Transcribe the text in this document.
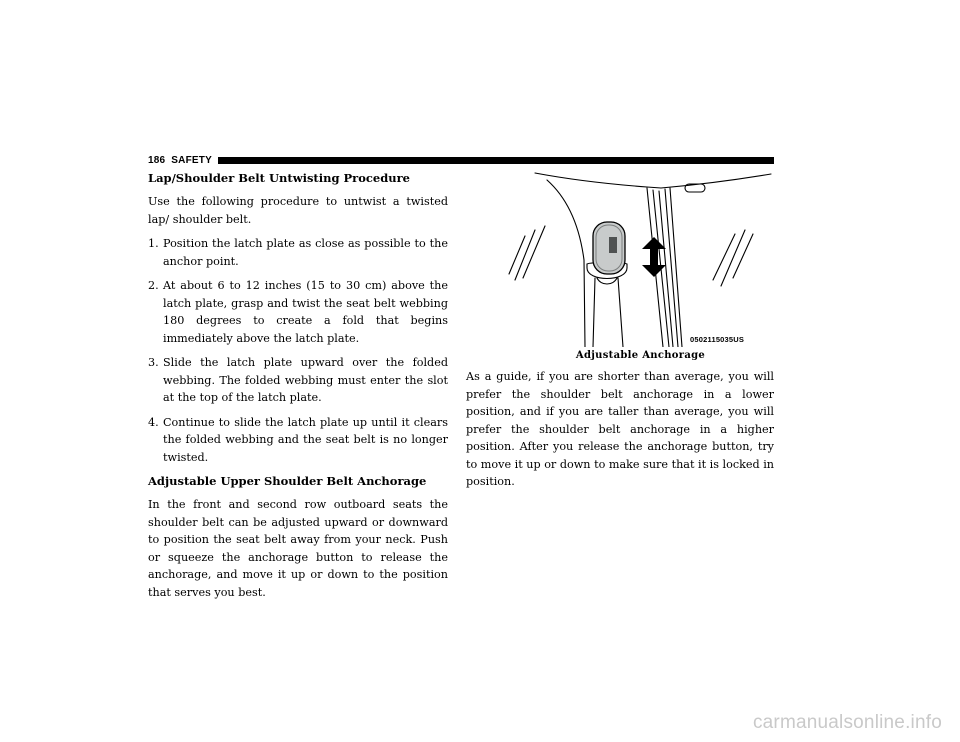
186 SAFETY
Lap/Shoulder Belt Untwisting Procedure

Use the following procedure to untwist a twisted lap/ shoulder belt.

1. Position the latch plate as close as possible to the anchor point.
2. At about 6 to 12 inches (15 to 30 cm) above the latch plate, grasp and twist the seat belt webbing 180 degrees to create a fold that begins immediately above the latch plate.
3. Slide the latch plate upward over the folded webbing. The folded webbing must enter the slot at the top of the latch plate.
4. Continue to slide the latch plate up until it clears the folded webbing and the seat belt is no longer twisted.
Adjustable Upper Shoulder Belt Anchorage

In the front and second row outboard seats the shoulder belt can be adjusted upward or downward to position the seat belt away from your neck. Push or squeeze the anchorage button to release the anchorage, and move it up or down to the position that serves you best.

0502115035US
Adjustable Anchorage

As a guide, if you are shorter than average, you will prefer the shoulder belt anchorage in a lower position, and if you are taller than average, you will prefer the shoulder belt anchorage in a higher position. After you release the anchorage button, try to move it up or down to make sure that it is locked in position.

carmanualsonline.info
